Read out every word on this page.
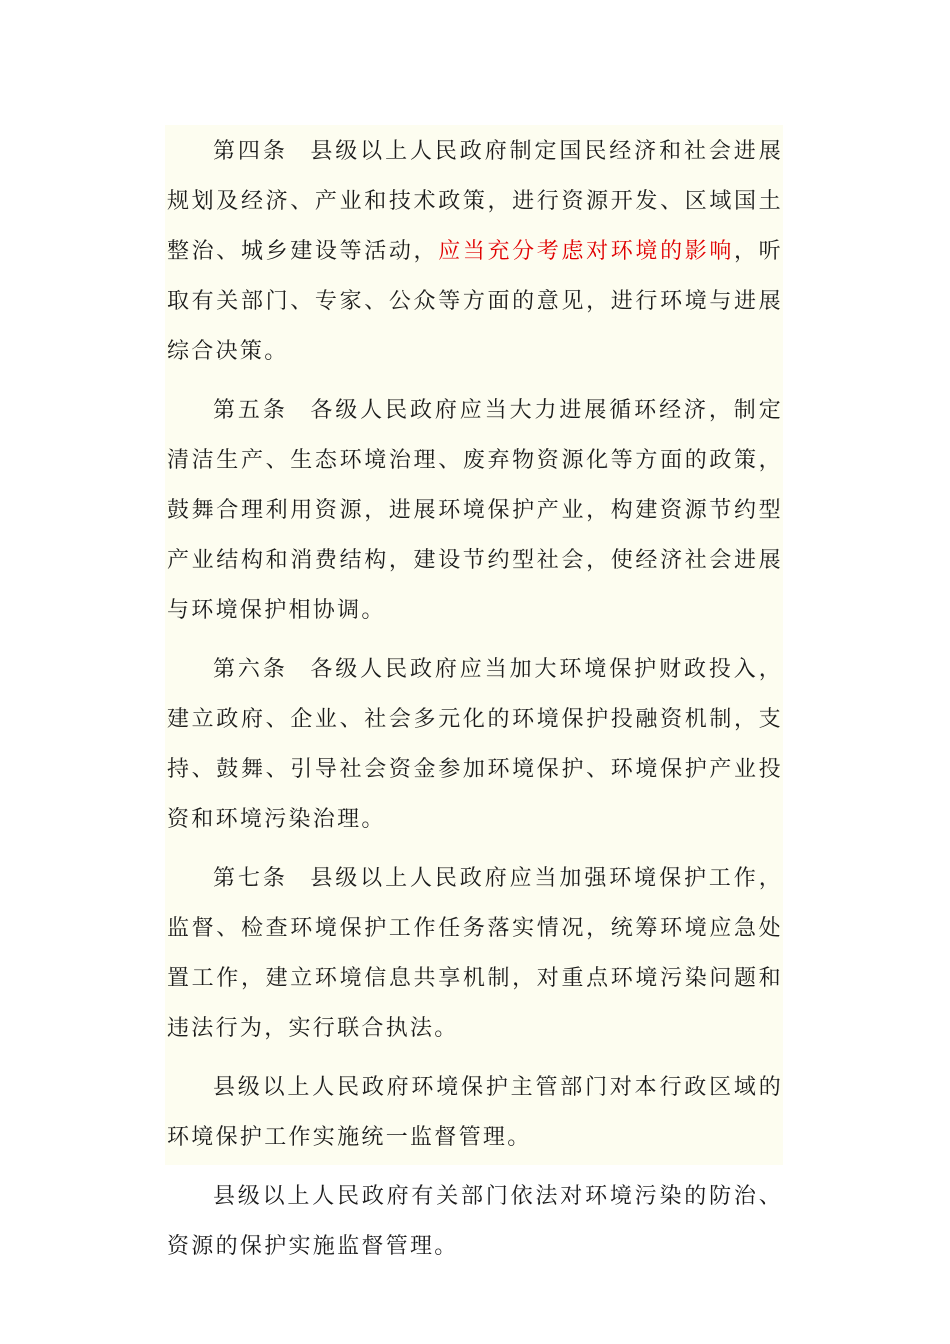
第四条 县级以上人民政府制定国民经济和社会进展规划及经济、产业和技术政策，进行资源开发、区域国土整治、城乡建设等活动，应当充分考虑对环境的影响，听取有关部门、专家、公众等方面的意见，进行环境与进展综合决策。

第五条 各级人民政府应当大力进展循环经济，制定清洁生产、生态环境治理、废弃物资源化等方面的政策，鼓舞合理利用资源，进展环境保护产业，构建资源节约型产业结构和消费结构，建设节约型社会，使经济社会进展与环境保护相协调。

第六条 各级人民政府应当加大环境保护财政投入，建立政府、企业、社会多元化的环境保护投融资机制，支持、鼓舞、引导社会资金参加环境保护、环境保护产业投资和环境污染治理。

第七条 县级以上人民政府应当加强环境保护工作，监督、检查环境保护工作任务落实情况，统筹环境应急处置工作，建立环境信息共享机制，对重点环境污染问题和违法行为，实行联合执法。

县级以上人民政府环境保护主管部门对本行政区域的环境保护工作实施统一监督管理。

县级以上人民政府有关部门依法对环境污染的防治、资源的保护实施监督管理。
